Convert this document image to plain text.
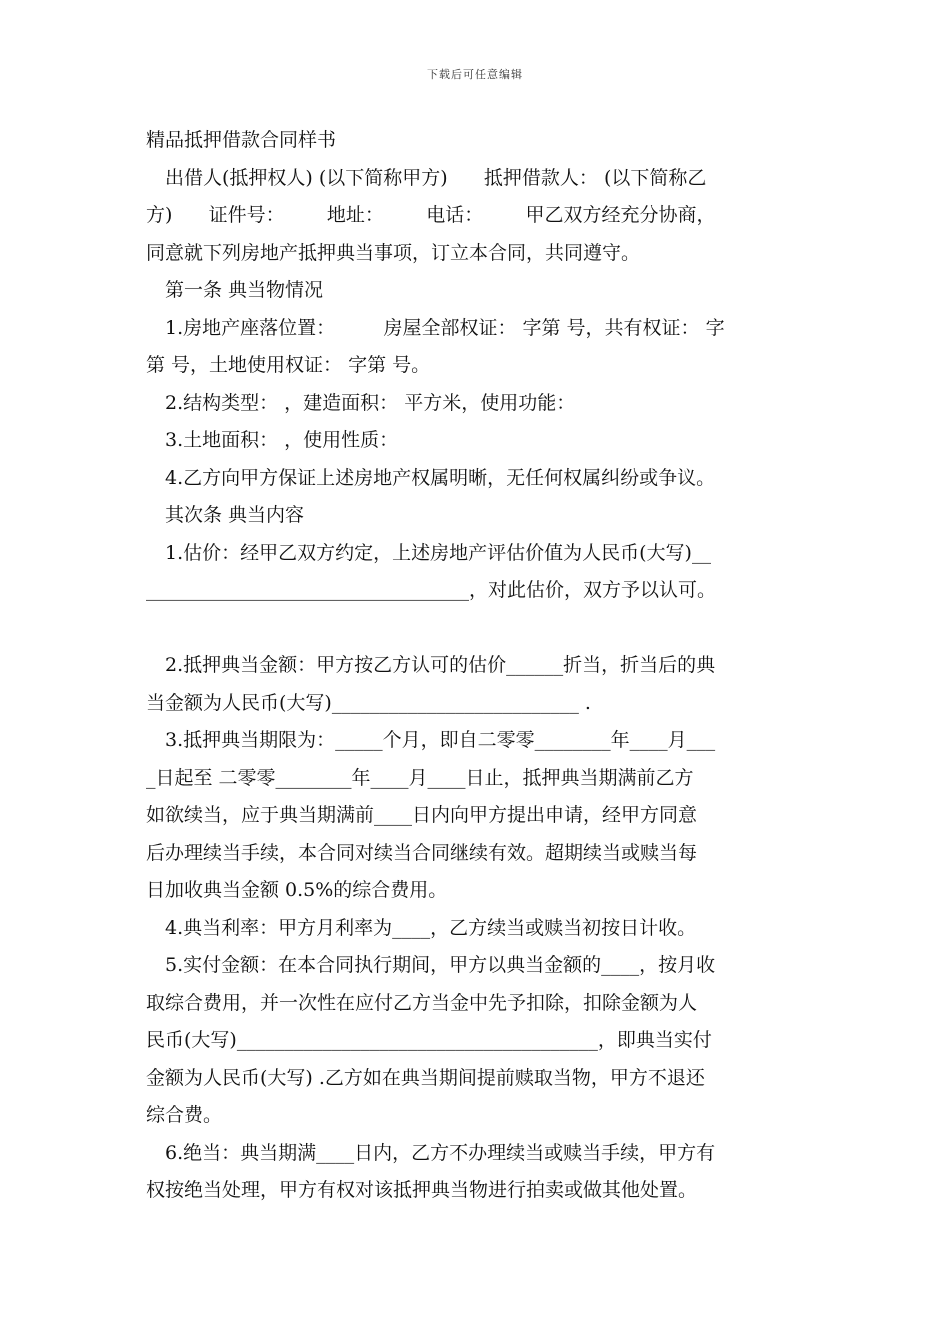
下载后可任意编辑
精品抵押借款合同样书
出借人(抵押权人) (以下简称甲方)      抵押借款人： (以下简称乙
方)      证件号：       地址：       电话：       甲乙双方经充分协商，
同意就下列房地产抵押典当事项，订立本合同，共同遵守。
第一条 典当物情况
1.房地产座落位置：        房屋全部权证： 字第 号，共有权证： 字
第 号，土地使用权证： 字第 号。
2.结构类型： ，建造面积： 平方米，使用功能：
3.土地面积： ，使用性质：
4.乙方向甲方保证上述房地产权属明晰，无任何权属纠纷或争议。
其次条 典当内容
1.估价：经甲乙双方约定，上述房地产评估价值为人民币(大写)__
__________________________________，对此估价，双方予以认可。
2.抵押典当金额：甲方按乙方认可的估价______折当，折当后的典
当金额为人民币(大写)__________________________ .
3.抵押典当期限为：_____个月，即自二零零________年____月___
_日起至 二零零________年____月____日止，抵押典当期满前乙方
如欲续当，应于典当期满前____日内向甲方提出申请，经甲方同意
后办理续当手续，本合同对续当合同继续有效。超期续当或赎当每
日加收典当金额 0.5%的综合费用。
4.典当利率：甲方月利率为____，乙方续当或赎当初按日计收。
5.实付金额：在本合同执行期间，甲方以典当金额的____，按月收
取综合费用，并一次性在应付乙方当金中先予扣除，扣除金额为人
民币(大写)______________________________________，即典当实付
金额为人民币(大写) .乙方如在典当期间提前赎取当物，甲方不退还
综合费。
6.绝当：典当期满____日内，乙方不办理续当或赎当手续，甲方有
权按绝当处理，甲方有权对该抵押典当物进行拍卖或做其他处置。
